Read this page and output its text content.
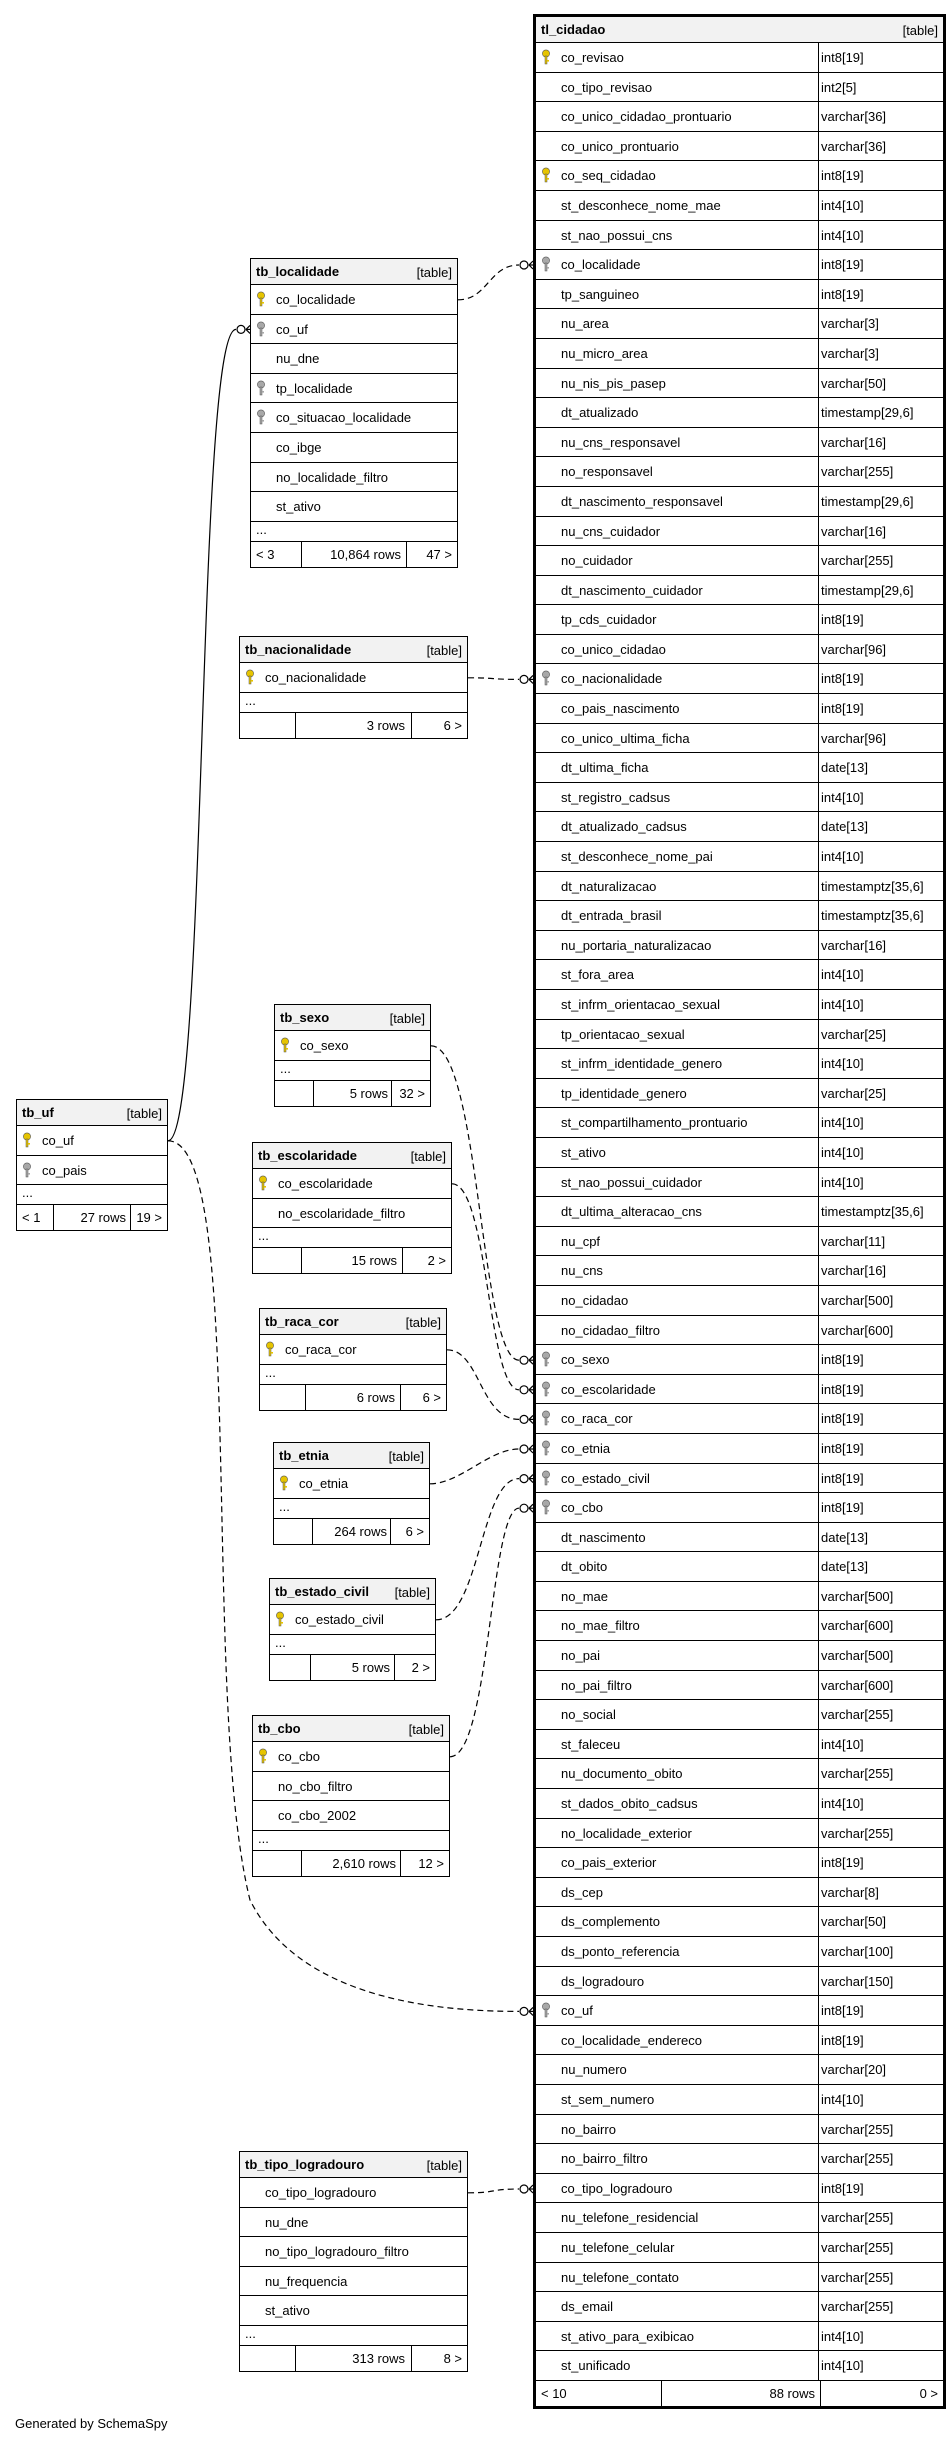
tl_cidadao	[table]
co_revisao	int8[19]
co_tipo_revisao	int2[5]
co_unico_cidadao_prontuario	varchar[36]
co_unico_prontuario	varchar[36]
co_seq_cidadao	int8[19]
st_desconhece_nome_mae	int4[10]
st_nao_possui_cns	int4[10]
co_localidade	int8[19]
tp_sanguineo	int8[19]
nu_area	varchar[3]
nu_micro_area	varchar[3]
nu_nis_pis_pasep	varchar[50]
dt_atualizado	timestamp[29,6]
nu_cns_responsavel	varchar[16]
no_responsavel	varchar[255]
dt_nascimento_responsavel	timestamp[29,6]
nu_cns_cuidador	varchar[16]
no_cuidador	varchar[255]
dt_nascimento_cuidador	timestamp[29,6]
tp_cds_cuidador	int8[19]
co_unico_cidadao	varchar[96]
co_nacionalidade	int8[19]
co_pais_nascimento	int8[19]
co_unico_ultima_ficha	varchar[96]
dt_ultima_ficha	date[13]
st_registro_cadsus	int4[10]
dt_atualizado_cadsus	date[13]
st_desconhece_nome_pai	int4[10]
dt_naturalizacao	timestamptz[35,6]
dt_entrada_brasil	timestamptz[35,6]
nu_portaria_naturalizacao	varchar[16]
st_fora_area	int4[10]
st_infrm_orientacao_sexual	int4[10]
tp_orientacao_sexual	varchar[25]
st_infrm_identidade_genero	int4[10]
tp_identidade_genero	varchar[25]
st_compartilhamento_prontuario	int4[10]
st_ativo	int4[10]
st_nao_possui_cuidador	int4[10]
dt_ultima_alteracao_cns	timestamptz[35,6]
nu_cpf	varchar[11]
nu_cns	varchar[16]
no_cidadao	varchar[500]
no_cidadao_filtro	varchar[600]
co_sexo	int8[19]
co_escolaridade	int8[19]
co_raca_cor	int8[19]
co_etnia	int8[19]
co_estado_civil	int8[19]
co_cbo	int8[19]
dt_nascimento	date[13]
dt_obito	date[13]
no_mae	varchar[500]
no_mae_filtro	varchar[600]
no_pai	varchar[500]
no_pai_filtro	varchar[600]
no_social	varchar[255]
st_faleceu	int4[10]
nu_documento_obito	varchar[255]
st_dados_obito_cadsus	int4[10]
no_localidade_exterior	varchar[255]
co_pais_exterior	int8[19]
ds_cep	varchar[8]
ds_complemento	varchar[50]
ds_ponto_referencia	varchar[100]
ds_logradouro	varchar[150]
co_uf	int8[19]
co_localidade_endereco	int8[19]
nu_numero	varchar[20]
st_sem_numero	int4[10]
no_bairro	varchar[255]
no_bairro_filtro	varchar[255]
co_tipo_logradouro	int8[19]
nu_telefone_residencial	varchar[255]
nu_telefone_celular	varchar[255]
nu_telefone_contato	varchar[255]
ds_email	varchar[255]
st_ativo_para_exibicao	int4[10]
st_unificado	int4[10]
< 10	88 rows	0 >
tb_localidade	[table]
co_localidade
co_uf
nu_dne
tp_localidade
co_situacao_localidade
co_ibge
no_localidade_filtro
st_ativo
...
< 3	10,864 rows 47 >
tb_nacionalidade	[table]
co_nacionalidade
...
3 rows	6 >
tb_sexo	[table]
co_sexo
...
5 rows 32 >
tb_uf	[table]
co_uf
co_pais
...
< 1	27 rows 19 >
tb_escolaridade	[table]
co_escolaridade
no_escolaridade_filtro
...
15 rows 2 >
tb_raca_cor	[table]
co_raca_cor
...
6 rows 6 >
tb_etnia	[table]
co_etnia
...
264 rows 6 >
tb_estado_civil [table]
co_estado_civil
...
5 rows 2 >
tb_cbo	[table]
co_cbo
no_cbo_filtro
co_cbo_2002
...
2,610 rows 12 >
tb_tipo_logradouro	[table]
co_tipo_logradouro
nu_dne
no_tipo_logradouro_filtro
nu_frequencia
st_ativo
...
313 rows	8 >
Generated by SchemaSpy
